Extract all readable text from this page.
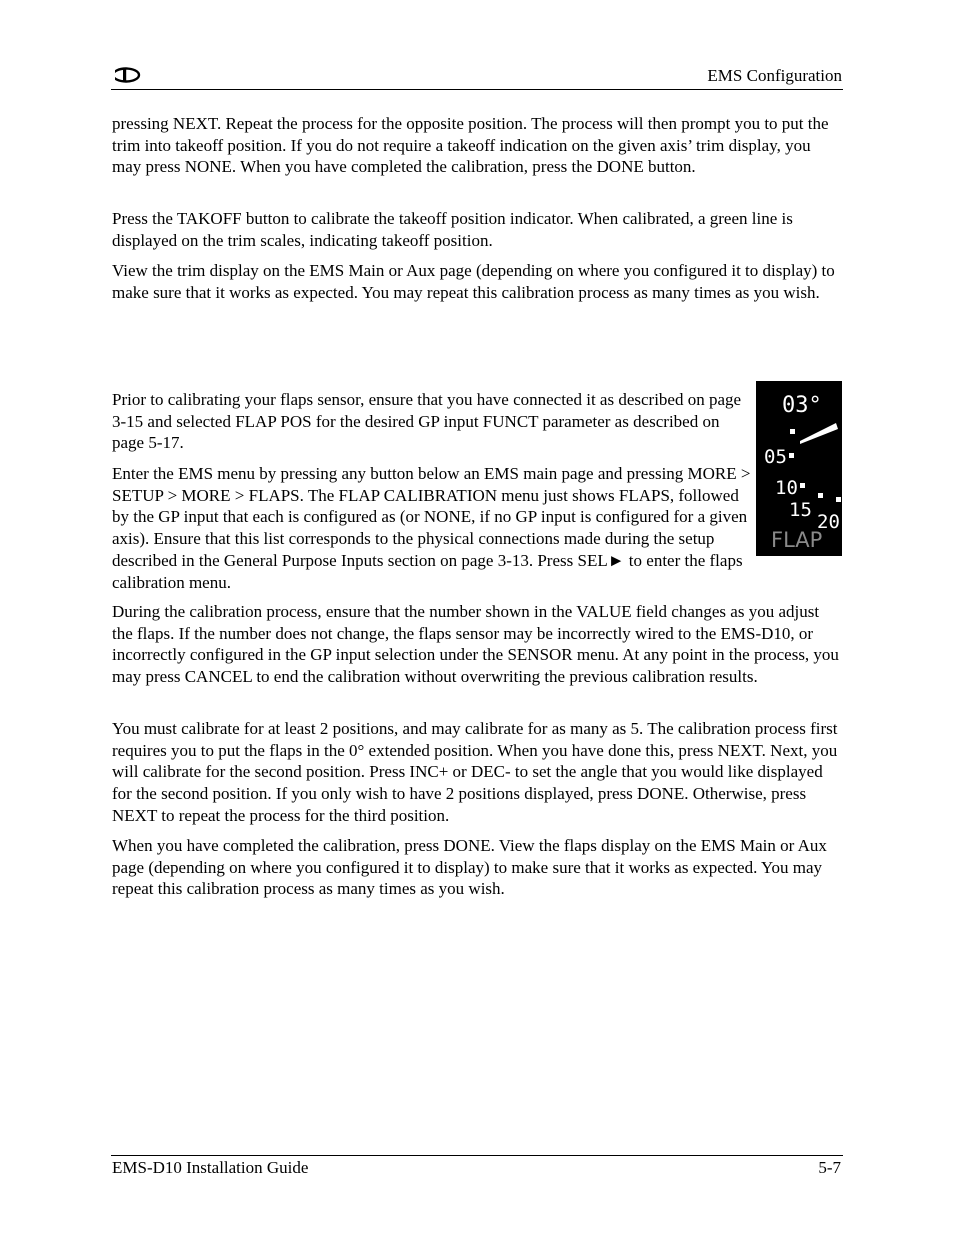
EMS Configuration

pressing NEXT. Repeat the process for the opposite position. The process will then prompt you to put the trim into takeoff position. If you do not require a takeoff indication on the given axis’ trim display, you may press NONE. When you have completed the calibration, press the DONE button.

Press the TAKOFF button to calibrate the takeoff position indicator. When calibrated, a green line is displayed on the trim scales, indicating takeoff position.

View the trim display on the EMS Main or Aux page (depending on where you configured it to display) to make sure that it works as expected. You may repeat this calibration process as many times as you wish.

Prior to calibrating your flaps sensor, ensure that you have connected it as described on page 3-15 and selected FLAP POS for the desired GP input FUNCT parameter as described on page 5-17.

Enter the EMS menu by pressing any button below an EMS main page and pressing MORE > SETUP > MORE > FLAPS. The FLAP CALIBRATION menu just shows FLAPS, followed by the GP input that each is configured as (or NONE, if no GP input is configured for a given axis). Ensure that this list corresponds to the physical connections made during the setup described in the General Purpose Inputs section on page 3-13. Press SEL► to enter the flaps calibration menu.

03°
05
10
15
20
FLAP

During the calibration process, ensure that the number shown in the VALUE field changes as you adjust the flaps. If the number does not change, the flaps sensor may be incorrectly wired to the EMS-D10, or incorrectly configured in the GP input selection under the SENSOR menu. At any point in the process, you may press CANCEL to end the calibration without overwriting the previous calibration results.

You must calibrate for at least 2 positions, and may calibrate for as many as 5. The calibration process first requires you to put the flaps in the 0° extended position. When you have done this, press NEXT. Next, you will calibrate for the second position. Press INC+ or DEC- to set the angle that you would like displayed for the second position. If you only wish to have 2 positions displayed, press DONE. Otherwise, press NEXT to repeat the process for the third position.

When you have completed the calibration, press DONE. View the flaps display on the EMS Main or Aux page (depending on where you configured it to display) to make sure that it works as expected. You may repeat this calibration process as many times as you wish.

EMS-D10 Installation Guide	5-7
